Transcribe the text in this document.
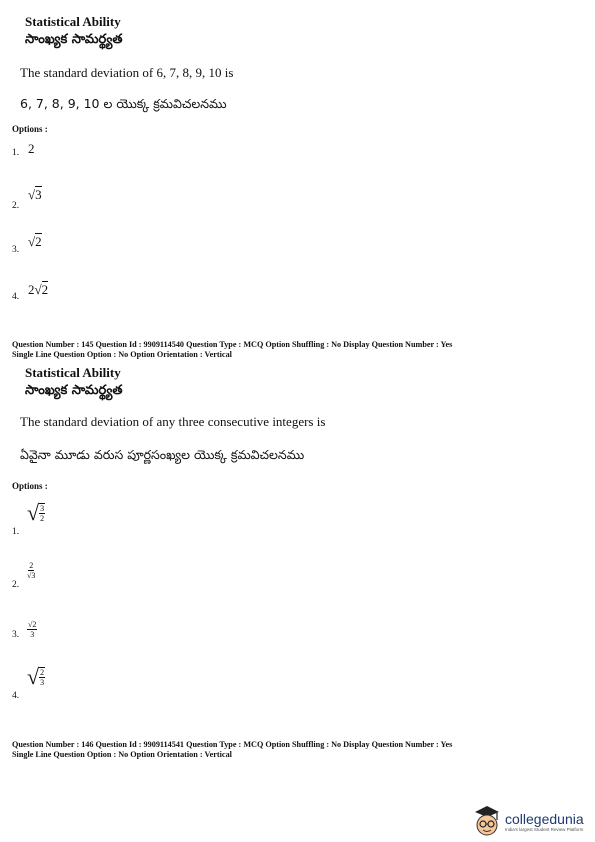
Statistical Ability
సాంఖ్యక సామర్థ్యత
The standard deviation of 6, 7, 8, 9, 10 is
6, 7, 8, 9, 10 ల యొక్క క్రమవిచలనము
Options :
1. 2
2.
√3
3.
√2
4. 2√2
Question Number : 145 Question Id : 9909114540 Question Type : MCQ Option Shuffling : No Display Question Number : Yes
Single Line Question Option : No Option Orientation : Vertical
Statistical Ability
సాంఖ్యక సామర్థ్యత
The standard deviation of any three consecutive integers is
ఏవైనా మూడు వరుస పూర్ణసంఖ్యల యొక్క క్రమవిచలనము
Options :
1.
√ $\frac{3}{2}$
2.
$\frac{2}{√3}$
3. $\frac{√2}{3}$
4.
√ $\frac{2}{3}$
Question Number : 146 Question Id : 9909114541 Question Type : MCQ Option Shuffling : No Display Question Number : Yes
Single Line Question Option : No Option Orientation : Vertical
collegedunia
India's largest Student Review Platform
